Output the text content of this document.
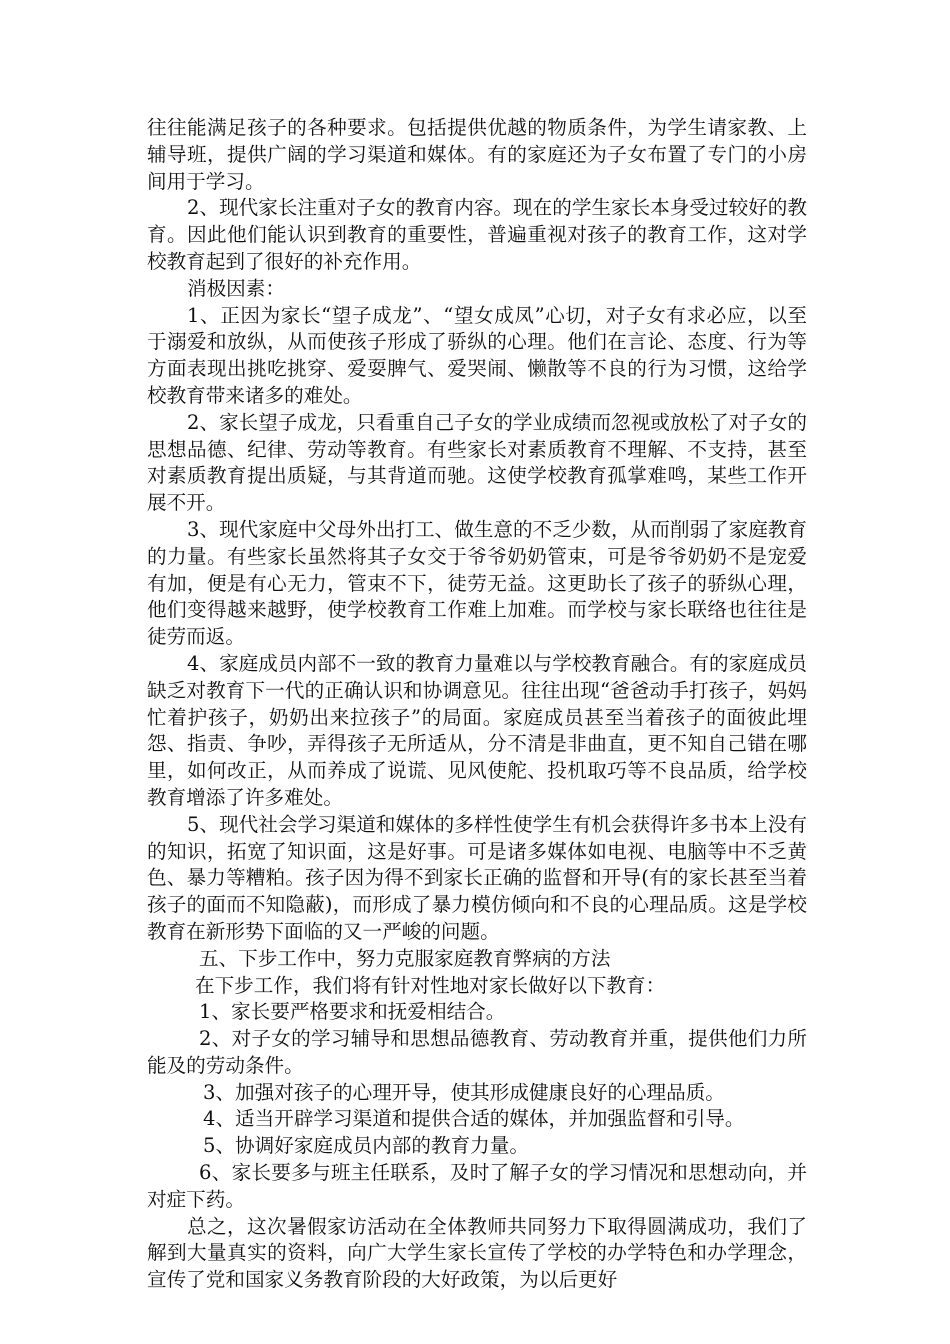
往往能满足孩子的各种要求。包括提供优越的物质条件，为学生请家教、上辅导班，提供广阔的学习渠道和媒体。有的家庭还为子女布置了专门的小房间用于学习。

2、现代家长注重对子女的教育内容。现在的学生家长本身受过较好的教育。因此他们能认识到教育的重要性，普遍重视对孩子的教育工作，这对学校教育起到了很好的补充作用。

消极因素：

1、正因为家长“望子成龙”、“望女成凤”心切，对子女有求必应，以至于溺爱和放纵，从而使孩子形成了骄纵的心理。他们在言论、态度、行为等方面表现出挑吃挑穿、爱耍脾气、爱哭闹、懒散等不良的行为习惯，这给学校教育带来诸多的难处。

2、家长望子成龙，只看重自己子女的学业成绩而忽视或放松了对子女的思想品德、纪律、劳动等教育。有些家长对素质教育不理解、不支持，甚至对素质教育提出质疑，与其背道而驰。这使学校教育孤掌难鸣，某些工作开展不开。

3、现代家庭中父母外出打工、做生意的不乏少数，从而削弱了家庭教育的力量。有些家长虽然将其子女交于爷爷奶奶管束，可是爷爷奶奶不是宠爱有加，便是有心无力，管束不下，徒劳无益。这更助长了孩子的骄纵心理，他们变得越来越野，使学校教育工作难上加难。而学校与家长联络也往往是徒劳而返。

4、家庭成员内部不一致的教育力量难以与学校教育融合。有的家庭成员缺乏对教育下一代的正确认识和协调意见。往往出现“爸爸动手打孩子，妈妈忙着护孩子，奶奶出来拉孩子”的局面。家庭成员甚至当着孩子的面彼此埋怨、指责、争吵，弄得孩子无所适从，分不清是非曲直，更不知自己错在哪里，如何改正，从而养成了说谎、见风使舵、投机取巧等不良品质，给学校教育增添了许多难处。

5、现代社会学习渠道和媒体的多样性使学生有机会获得许多书本上没有的知识，拓宽了知识面，这是好事。可是诸多媒体如电视、电脑等中不乏黄色、暴力等糟粕。孩子因为得不到家长正确的监督和开导(有的家长甚至当着孩子的面而不知隐蔽)，而形成了暴力模仿倾向和不良的心理品质。这是学校教育在新形势下面临的又一严峻的问题。

五、下步工作中，努力克服家庭教育弊病的方法

在下步工作，我们将有针对性地对家长做好以下教育：

1、家长要严格要求和抚爱相结合。

2、对子女的学习辅导和思想品德教育、劳动教育并重，提供他们力所能及的劳动条件。

3、加强对孩子的心理开导，使其形成健康良好的心理品质。

4、适当开辟学习渠道和提供合适的媒体，并加强监督和引导。

5、协调好家庭成员内部的教育力量。

6、家长要多与班主任联系，及时了解子女的学习情况和思想动向，并对症下药。

总之，这次暑假家访活动在全体教师共同努力下取得圆满成功，我们了解到大量真实的资料，向广大学生家长宣传了学校的办学特色和办学理念，宣传了党和国家义务教育阶段的大好政策，为以后更好
